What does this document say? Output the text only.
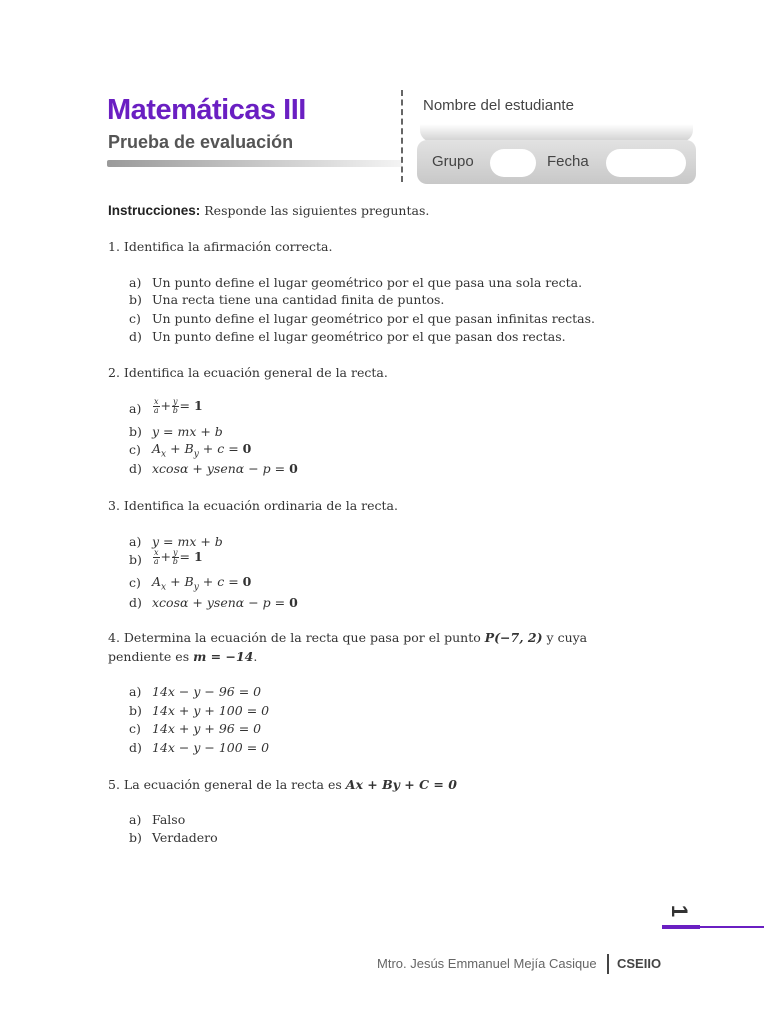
Matemáticas III
Prueba de evaluación
Nombre del estudiante
Grupo	Fecha
Instrucciones: Responde las siguientes preguntas.
1. Identifica la afirmación correcta.
a) Un punto define el lugar geométrico por el que pasa una sola recta.
b) Una recta tiene una cantidad finita de puntos.
c) Un punto define el lugar geométrico por el que pasan infinitas rectas.
d) Un punto define el lugar geométrico por el que pasan dos rectas.
2. Identifica la ecuación general de la recta.
$a) \frac{x}{a} + \frac{y}{b} = 1$
b) y = mx + b
c) $A_x + B_y + c = 0$
d) xcosα + ysenα − p = 0
3. Identifica la ecuación ordinaria de la recta.
a) y = mx + b
$b) \frac{x}{a} + \frac{y}{b} = 1$
c) $A_x + B_y + c = 0$
d) xcosα + ysenα − p = 0
4. Determina la ecuación de la recta que pasa por el punto P(−7, 2) y cuya
pendiente es m = −14.
a) 14x − y − 96 = 0
b) 14x + y + 100 = 0
c) 14x + y + 96 = 0
d) 14x − y − 100 = 0
5. La ecuación general de la recta es Ax + By + C = 0
a) Falso
b) Verdadero
1
Mtro. Jesús Emmanuel Mejía Casique CSEIIO
